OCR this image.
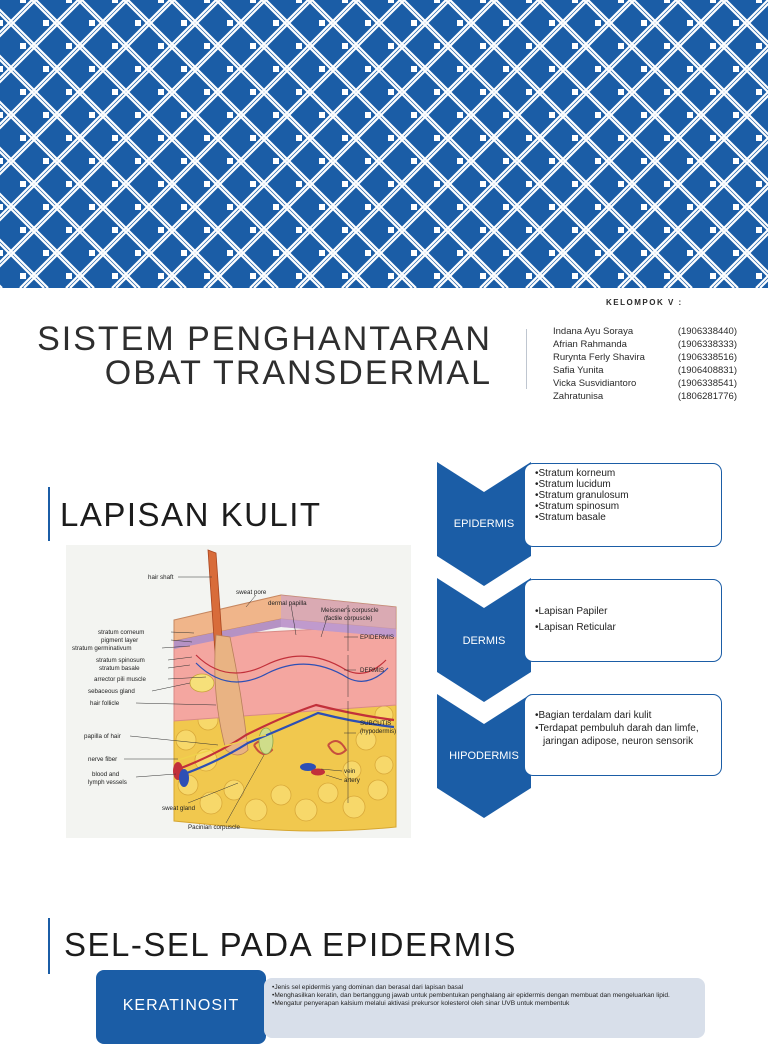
KELOMPOK V :
SISTEM PENGHANTARAN
OBAT TRANSDERMAL
Indana Ayu Soraya	(1906338440)
Afrian Rahmanda	(1906338333)
Rurynta Ferly Shavira	(1906338516)
Safia Yunita	(1906408831)
Vicka Susvidiantoro	(1906338541)
Zahratunisa	(1806281776)
LAPISAN KULIT
hair shaft
sweat pore
dermal papilla
Meissner's corpuscle
(tactile corpuscle)
stratum corneum
pigment layer
stratum germinativum
stratum spinosum
stratum basale
arrector pili muscle
sebaceous gland
hair follicle
papilla of hair
nerve fiber
blood and
lymph vessels
sweat gland
Pacinian corpuscle
EPIDERMIS
DERMIS
SUBCUTIS
(hypodermis)
vein
artery
EPIDERMIS
• Stratum korneum
• Stratum lucidum
• Stratum granulosum
• Stratum spinosum
• Stratum basale
DERMIS
• Lapisan Papiler
• Lapisan Reticular
HIPODERMIS
• Bagian terdalam dari kulit
• Terdapat pembuluh darah dan limfe, jaringan adipose, neuron sensorik
SEL-SEL PADA EPIDERMIS
KERATINOSIT
• Jenis sel epidermis yang dominan dan berasal dari lapisan basal
• Menghasilkan keratin, dan bertanggung jawab untuk pembentukan penghalang air epidermis dengan membuat dan mengeluarkan lipid.
• Mengatur penyerapan kalsium melalui aktivasi prekursor kolesterol oleh sinar UVB untuk membentuk
